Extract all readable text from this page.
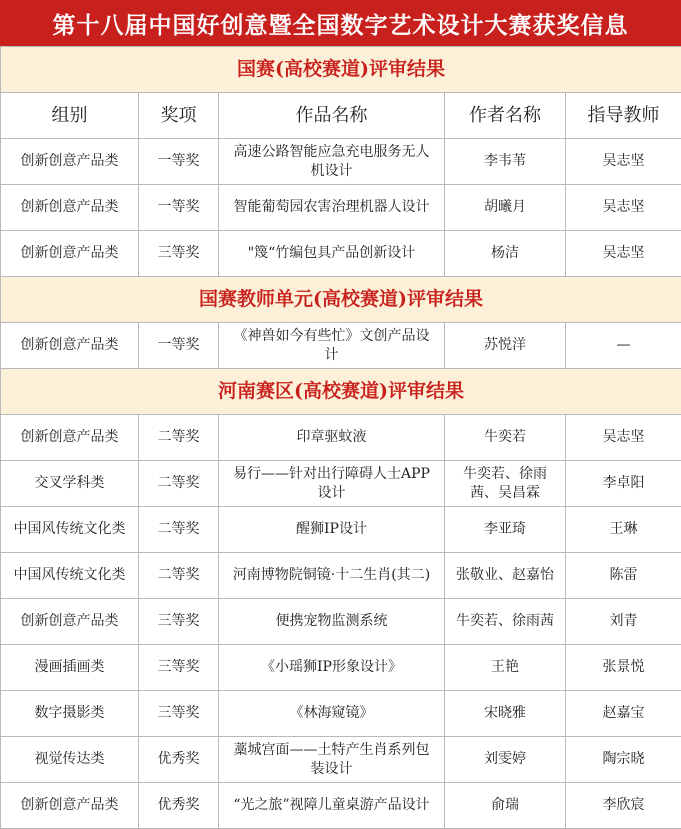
第十八届中国好创意暨全国数字艺术设计大赛获奖信息
国赛(高校赛道)评审结果				
组别	奖项	作品名称	作者名称	指导教师
创新创意产品类	一等奖	高速公路智能应急充电服务无人机设计	李韦苇	吴志坚
创新创意产品类	一等奖	智能葡萄园农害治理机器人设计	胡曦月	吴志坚
创新创意产品类	三等奖	"篾“竹编包具产品创新设计	杨洁	吴志坚
国赛教师单元(高校赛道)评审结果				
创新创意产品类	一等奖	《神兽如今有些忙》文创产品设计	苏悦洋	—
河南赛区(高校赛道)评审结果				
创新创意产品类	二等奖	印章驱蚊液	牛奕若	吴志坚
交叉学科类	二等奖	易行——针对出行障碍人士APP设计	牛奕若、徐雨茜、吴昌霖	李卓阳
中国风传统文化类	二等奖	醒狮IP设计	李亚琦	王琳
中国风传统文化类	二等奖	河南博物院铜镜·十二生肖(其二)	张敬业、赵嘉怡	陈雷
创新创意产品类	三等奖	便携宠物监测系统	牛奕若、徐雨茜	刘青
漫画插画类	三等奖	《小瑶狮IP形象设计》	王艳	张景悦
数字摄影类	三等奖	《林海窥镜》	宋晓雅	赵嘉宝
视觉传达类	优秀奖	藁城宫面——土特产生肖系列包装设计	刘雯婷	陶宗晓
创新创意产品类	优秀奖	“光之旅”视障儿童桌游产品设计	俞瑞	李欣宸
